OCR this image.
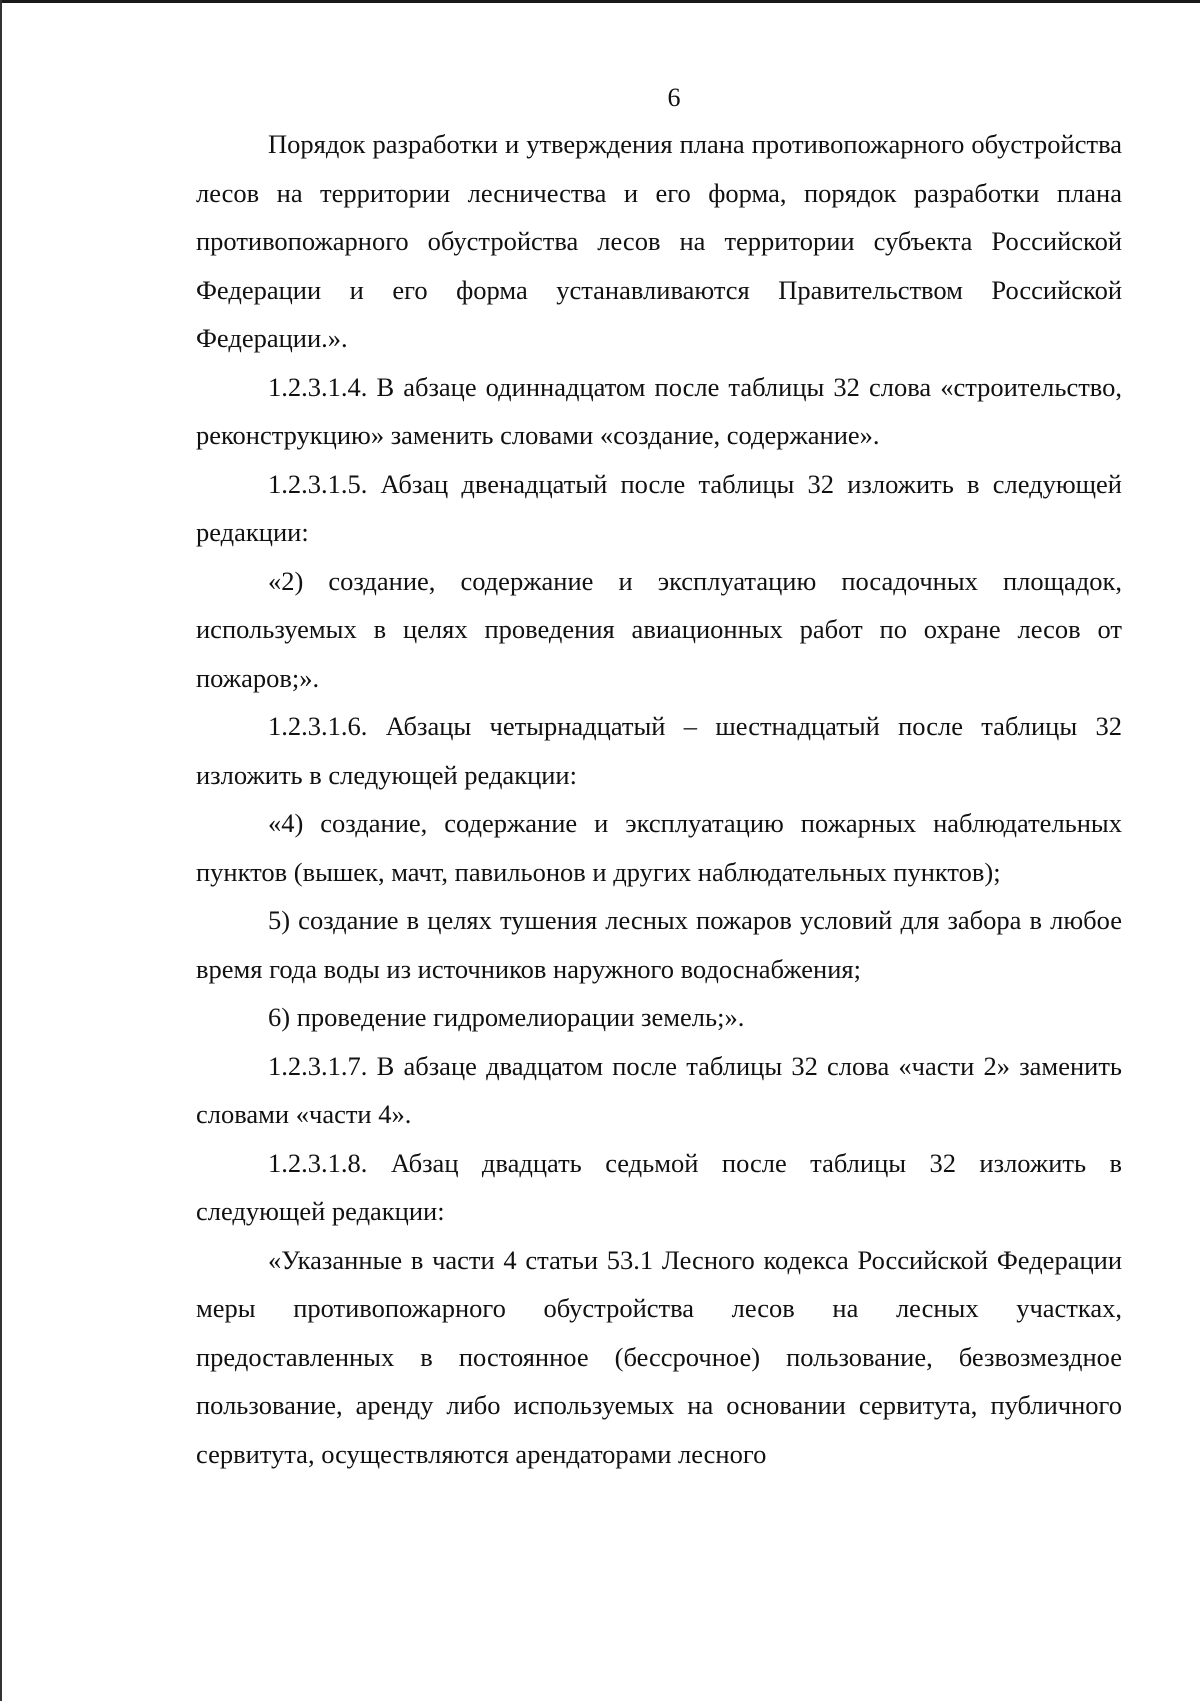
6

Порядок разработки и утверждения плана противопожарного обустройства лесов на территории лесничества и его форма, порядок разработки плана противопожарного обустройства лесов на территории субъекта Российской Федерации и его форма устанавливаются Правительством Российской Федерации.».

1.2.3.1.4. В абзаце одиннадцатом после таблицы 32 слова «строительство, реконструкцию» заменить словами «создание, содержание».

1.2.3.1.5. Абзац двенадцатый после таблицы 32 изложить в следующей редакции:

«2) создание, содержание и эксплуатацию посадочных площадок, используемых в целях проведения авиационных работ по охране лесов от пожаров;».

1.2.3.1.6. Абзацы четырнадцатый – шестнадцатый после таблицы 32 изложить в следующей редакции:

«4) создание, содержание и эксплуатацию пожарных наблюдательных пунктов (вышек, мачт, павильонов и других наблюдательных пунктов);

5) создание в целях тушения лесных пожаров условий для забора в любое время года воды из источников наружного водоснабжения;

6) проведение гидромелиорации земель;».

1.2.3.1.7. В абзаце двадцатом после таблицы 32 слова «части 2» заменить словами «части 4».

1.2.3.1.8. Абзац двадцать седьмой после таблицы 32 изложить в следующей редакции:

«Указанные в части 4 статьи 53.1 Лесного кодекса Российской Федерации меры противопожарного обустройства лесов на лесных участках, предоставленных в постоянное (бессрочное) пользование, безвозмездное пользование, аренду либо используемых на основании сервитута, публичного сервитута, осуществляются арендаторами лесного
